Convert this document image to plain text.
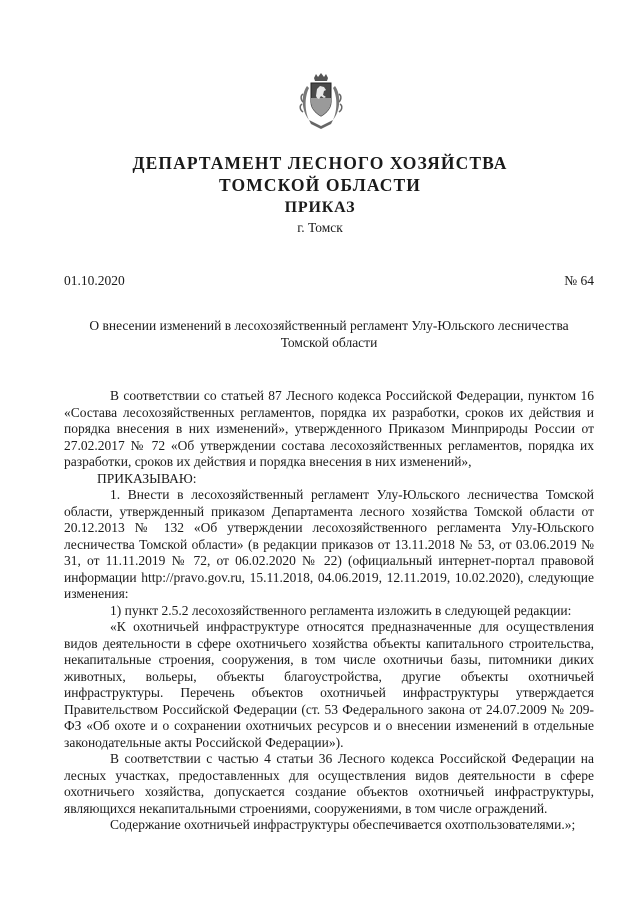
ДЕПАРТАМЕНТ ЛЕСНОГО ХОЗЯЙСТВА
ТОМСКОЙ ОБЛАСТИ
ПРИКАЗ
г. Томск
01.10.2020	№ 64
О внесении изменений в лесохозяйственный регламент Улу-Юльского лесничества Томской области

В соответствии со статьей 87 Лесного кодекса Российской Федерации, пунктом 16 «Состава лесохозяйственных регламентов, порядка их разработки, сроков их действия и порядка внесения в них изменений», утвержденного Приказом Минприроды России от 27.02.2017 № 72 «Об утверждении состава лесохозяйственных регламентов, порядка их разработки, сроков их действия и порядка внесения в них изменений»,

ПРИКАЗЫВАЮ:

1. Внести в лесохозяйственный регламент Улу-Юльского лесничества Томской области, утвержденный приказом Департамента лесного хозяйства Томской области от 20.12.2013 № 132 «Об утверждении лесохозяйственного регламента Улу-Юльского лесничества Томской области» (в редакции приказов от 13.11.2018 № 53, от 03.06.2019 № 31, от 11.11.2019 № 72, от 06.02.2020 № 22) (официальный интернет-портал правовой информации http://pravo.gov.ru, 15.11.2018, 04.06.2019, 12.11.2019, 10.02.2020), следующие изменения:

1) пункт 2.5.2 лесохозяйственного регламента изложить в следующей редакции:

«К охотничьей инфраструктуре относятся предназначенные для осуществления видов деятельности в сфере охотничьего хозяйства объекты капитального строительства, некапитальные строения, сооружения, в том числе охотничьи базы, питомники диких животных, вольеры, объекты благоустройства, другие объекты охотничьей инфраструктуры. Перечень объектов охотничьей инфраструктуры утверждается Правительством Российской Федерации (ст. 53 Федерального закона от 24.07.2009 № 209-ФЗ «Об охоте и о сохранении охотничьих ресурсов и о внесении изменений в отдельные законодательные акты Российской Федерации»).

В соответствии с частью 4 статьи 36 Лесного кодекса Российской Федерации на лесных участках, предоставленных для осуществления видов деятельности в сфере охотничьего хозяйства, допускается создание объектов охотничьей инфраструктуры, являющихся некапитальными строениями, сооружениями, в том числе ограждений.

Содержание охотничьей инфраструктуры обеспечивается охотпользователями.»;
